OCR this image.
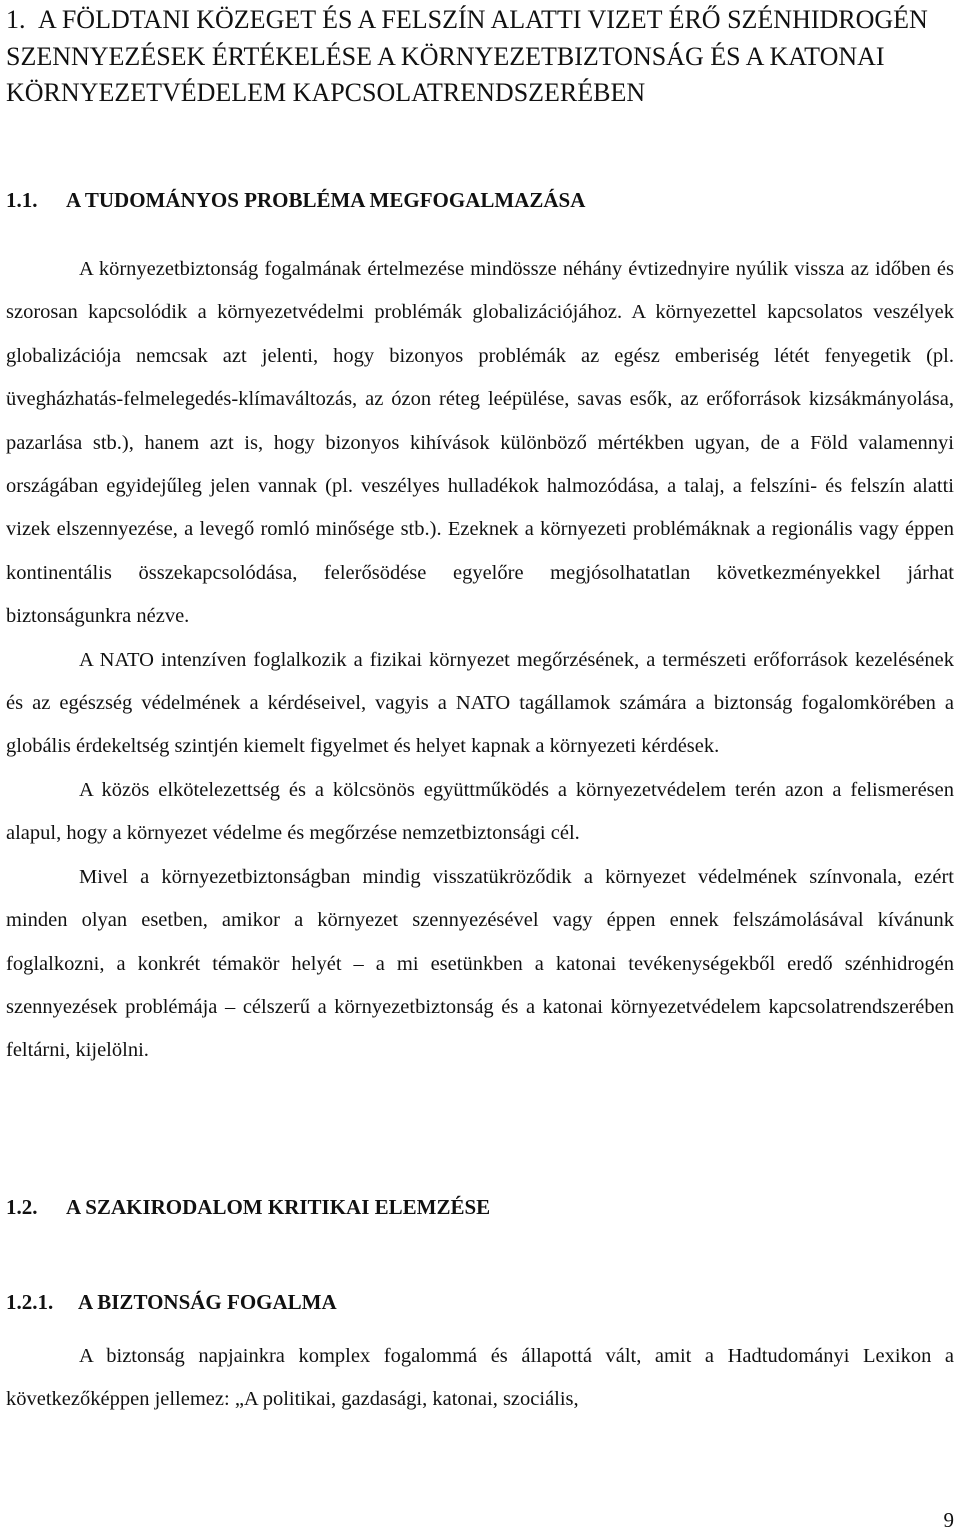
1. A FÖLDTANI KÖZEGET ÉS A FELSZÍN ALATTI VIZET ÉRŐ SZÉNHIDROGÉN SZENNYEZÉSEK ÉRTÉKELÉSE A KÖRNYEZETBIZTONSÁG ÉS A KATONAI KÖRNYEZETVÉDELEM KAPCSOLATRENDSZERÉBEN
1.1. A TUDOMÁNYOS PROBLÉMA MEGFOGALMAZÁSA

A környezetbiztonság fogalmának értelmezése mindössze néhány évtizednyire nyúlik vissza az időben és szorosan kapcsolódik a környezetvédelmi problémák globalizációjához. A környezettel kapcsolatos veszélyek globalizációja nemcsak azt jelenti, hogy bizonyos problémák az egész emberiség létét fenyegetik (pl. üvegházhatás-felmelegedés-klímaváltozás, az ózon réteg leépülése, savas esők, az erőforrások kizsákmányolása, pazarlása stb.), hanem azt is, hogy bizonyos kihívások különböző mértékben ugyan, de a Föld valamennyi országában egyidejűleg jelen vannak (pl. veszélyes hulladékok halmozódása, a talaj, a felszíni- és felszín alatti vizek elszennyezése, a levegő romló minősége stb.). Ezeknek a környezeti problémáknak a regionális vagy éppen kontinentális összekapcsolódása, felerősödése egyelőre megjósolhatatlan következményekkel járhat biztonságunkra nézve.

A NATO intenzíven foglalkozik a fizikai környezet megőrzésének, a természeti erőforrások kezelésének és az egészség védelmének a kérdéseivel, vagyis a NATO tagállamok számára a biztonság fogalomkörében a globális érdekeltség szintjén kiemelt figyelmet és helyet kapnak a környezeti kérdések.

A közös elkötelezettség és a kölcsönös együttműködés a környezetvédelem terén azon a felismerésen alapul, hogy a környezet védelme és megőrzése nemzetbiztonsági cél.

Mivel a környezetbiztonságban mindig visszatükröződik a környezet védelmének színvonala, ezért minden olyan esetben, amikor a környezet szennyezésével vagy éppen ennek felszámolásával kívánunk foglalkozni, a konkrét témakör helyét – a mi esetünkben a katonai tevékenységekből eredő szénhidrogén szennyezések problémája – célszerű a környezetbiztonság és a katonai környezetvédelem kapcsolatrendszerében feltárni, kijelölni.

1.2. A SZAKIRODALOM KRITIKAI ELEMZÉSE
1.2.1. A BIZTONSÁG FOGALMA

A biztonság napjainkra komplex fogalommá és állapottá vált, amit a Hadtudományi Lexikon a következőképpen jellemez: „A politikai, gazdasági, katonai, szociális,

9
